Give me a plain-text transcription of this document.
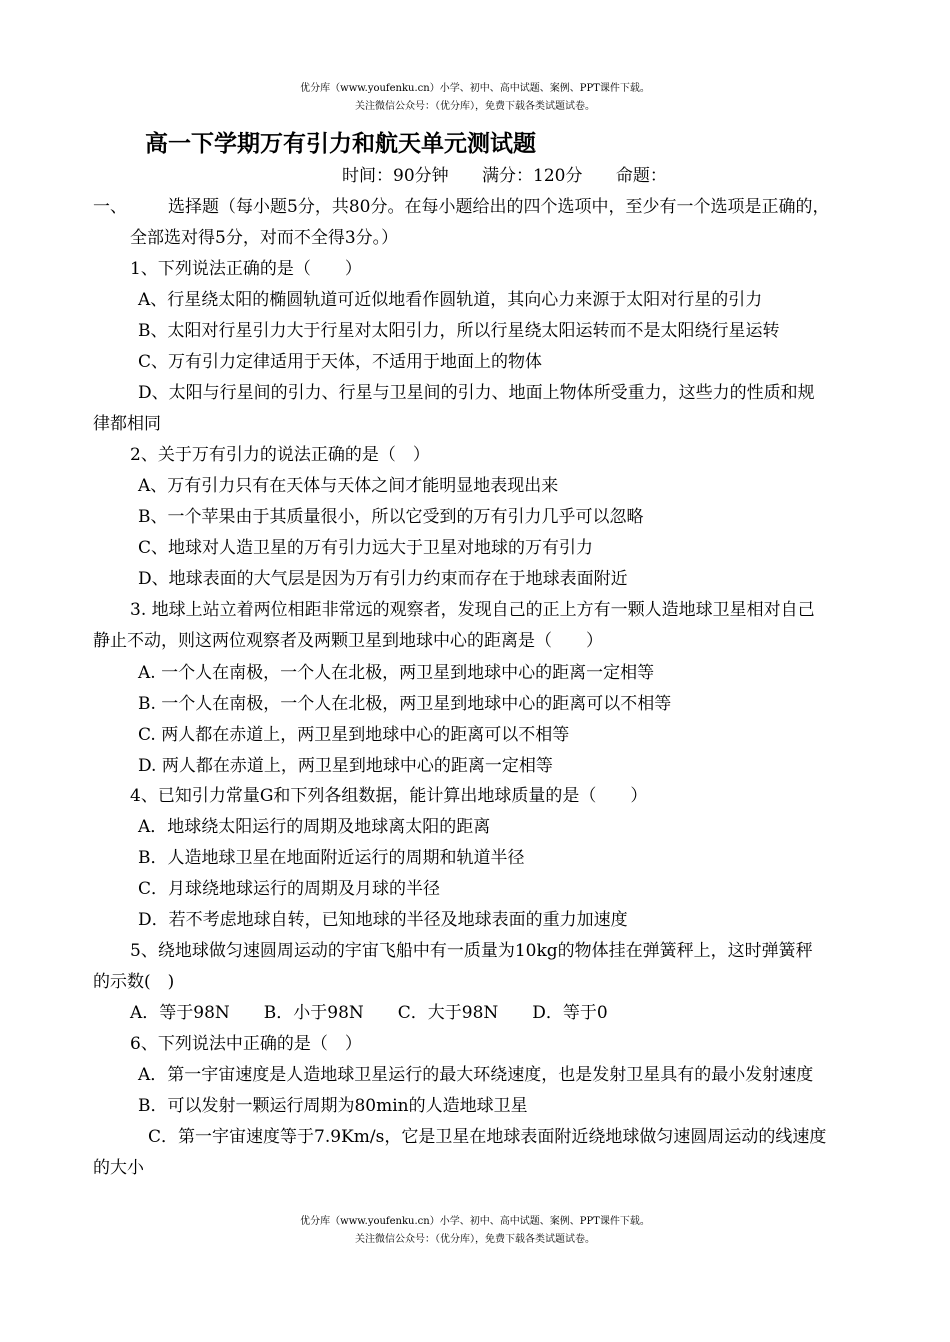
优分库（www.youfenku.cn）小学、初中、高中试题、案例、PPT课件下载。
关注微信公众号：（优分库），免费下载各类试题试卷。
高一下学期万有引力和航天单元测试题
时间：90分钟 满分：120分 命题：
一、 选择题（每小题5分，共80分。在每小题给出的四个选项中，至少有一个选项是正确的，
全部选对得5分，对而不全得3分。）
1、下列说法正确的是（　　）
A、行星绕太阳的椭圆轨道可近似地看作圆轨道，其向心力来源于太阳对行星的引力
B、太阳对行星引力大于行星对太阳引力，所以行星绕太阳运转而不是太阳绕行星运转
C、万有引力定律适用于天体，不适用于地面上的物体
D、太阳与行星间的引力、行星与卫星间的引力、地面上物体所受重力，这些力的性质和规
律都相同
2、关于万有引力的说法正确的是（　）
A、万有引力只有在天体与天体之间才能明显地表现出来
B、一个苹果由于其质量很小，所以它受到的万有引力几乎可以忽略
C、地球对人造卫星的万有引力远大于卫星对地球的万有引力
D、地球表面的大气层是因为万有引力约束而存在于地球表面附近
3. 地球上站立着两位相距非常远的观察者，发现自己的正上方有一颗人造地球卫星相对自己
静止不动，则这两位观察者及两颗卫星到地球中心的距离是（　　）
A. 一个人在南极，一个人在北极，两卫星到地球中心的距离一定相等
B. 一个人在南极，一个人在北极，两卫星到地球中心的距离可以不相等
C. 两人都在赤道上，两卫星到地球中心的距离可以不相等
D. 两人都在赤道上，两卫星到地球中心的距离一定相等
4、已知引力常量G和下列各组数据，能计算出地球质量的是（　　）
A．地球绕太阳运行的周期及地球离太阳的距离
B．人造地球卫星在地面附近运行的周期和轨道半径
C．月球绕地球运行的周期及月球的半径
D．若不考虑地球自转，已知地球的半径及地球表面的重力加速度
5、绕地球做匀速圆周运动的宇宙飞船中有一质量为10kg的物体挂在弹簧秤上，这时弹簧秤
的示数(　)
A．等于98N　　B．小于98N　　C．大于98N　　D．等于0
6、下列说法中正确的是（　）
A．第一宇宙速度是人造地球卫星运行的最大环绕速度，也是发射卫星具有的最小发射速度
B．可以发射一颗运行周期为80min的人造地球卫星
C．第一宇宙速度等于7.9Km/s，它是卫星在地球表面附近绕地球做匀速圆周运动的线速度
的大小
优分库（www.youfenku.cn）小学、初中、高中试题、案例、PPT课件下载。
关注微信公众号：（优分库），免费下载各类试题试卷。
